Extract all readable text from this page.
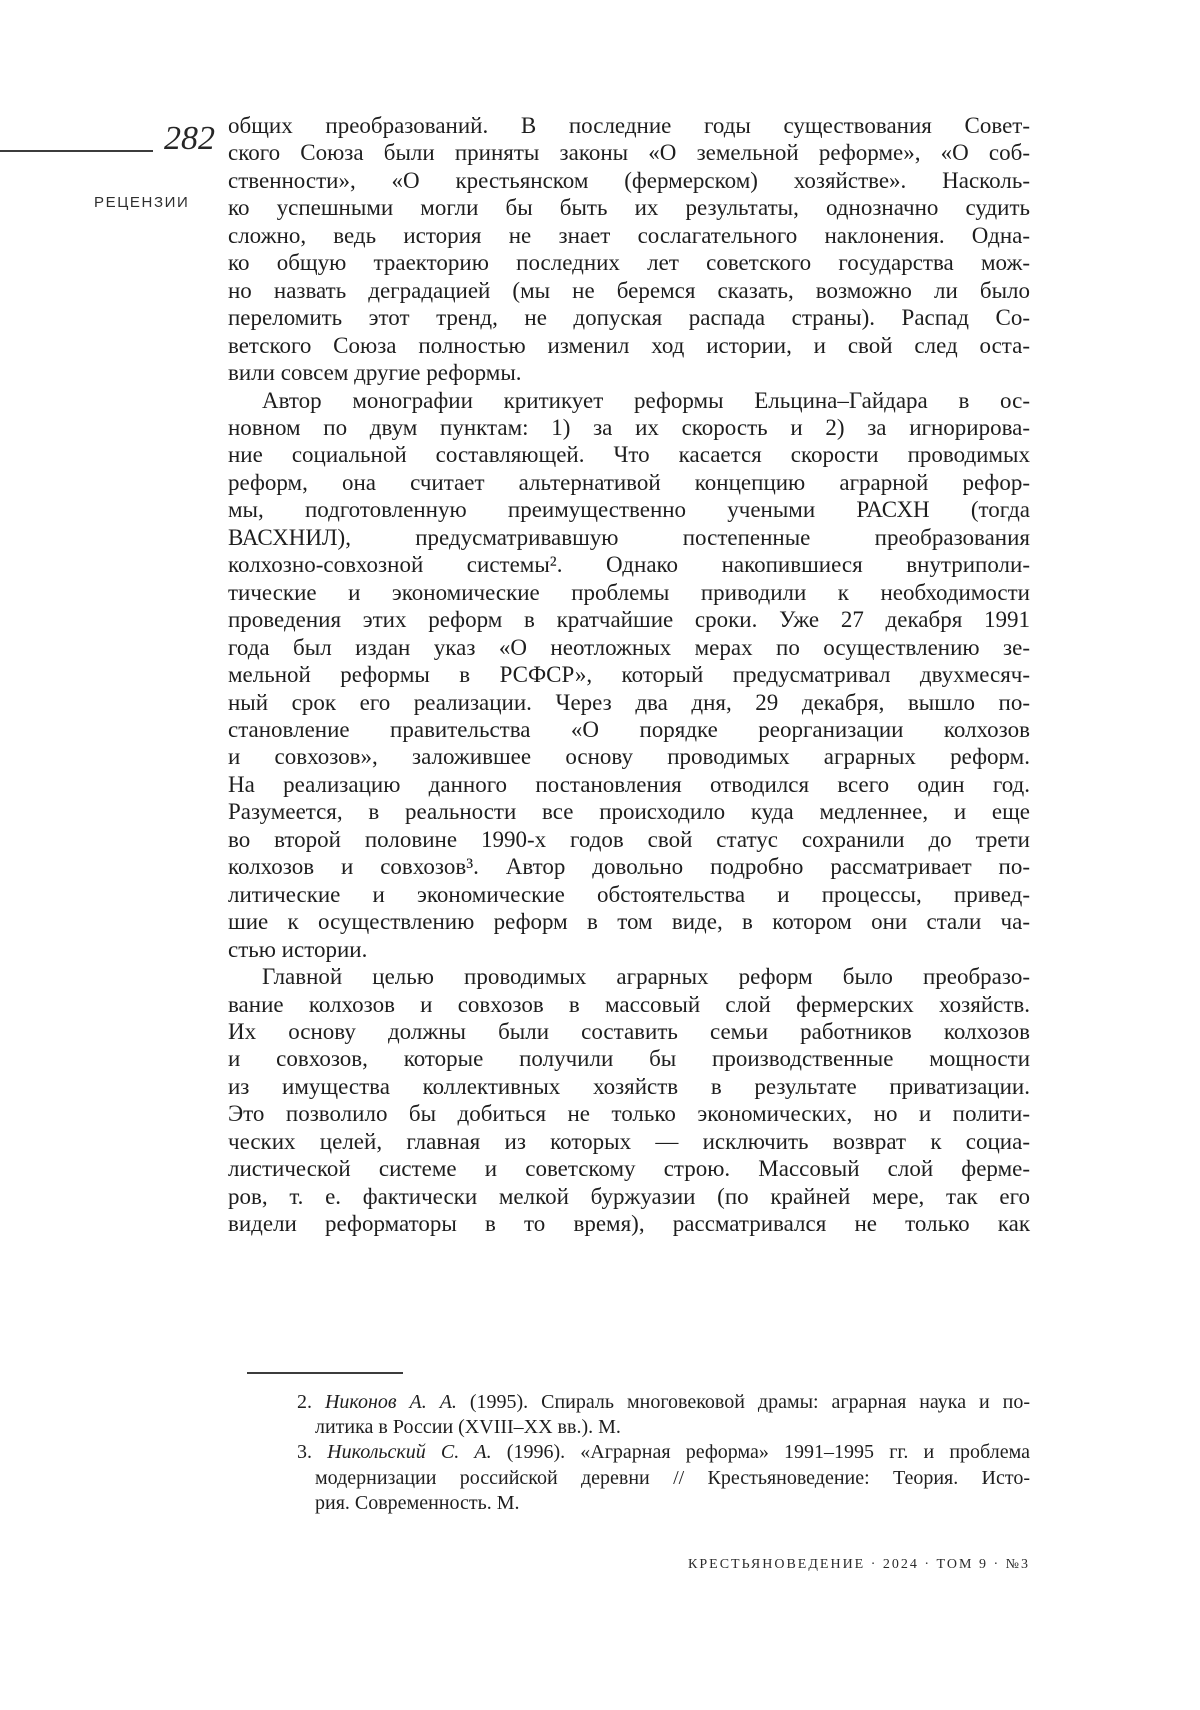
282
РЕЦЕНЗИИ
общих преобразований. В последние годы существования Совет-
ского Союза были приняты законы «О земельной реформе», «О соб-
ственности», «О крестьянском (фермерском) хозяйстве». Насколь-
ко успешными могли бы быть их результаты, однозначно судить
сложно, ведь история не знает сослагательного наклонения. Одна-
ко общую траекторию последних лет советского государства мож-
но назвать деградацией (мы не беремся сказать, возможно ли было
переломить этот тренд, не допуская распада страны). Распад Со-
ветского Союза полностью изменил ход истории, и свой след оста-
вили совсем другие реформы.
Автор монографии критикует реформы Ельцина–Гайдара в ос-
новном по двум пунктам: 1) за их скорость и 2) за игнорирова-
ние социальной составляющей. Что касается скорости проводимых
реформ, она считает альтернативой концепцию аграрной рефор-
мы, подготовленную преимущественно учеными РАСХН (тогда
ВАСХНИЛ), предусматривавшую постепенные преобразования
колхозно-совхозной системы². Однако накопившиеся внутриполи-
тические и экономические проблемы приводили к необходимости
проведения этих реформ в кратчайшие сроки. Уже 27 декабря 1991
года был издан указ «О неотложных мерах по осуществлению зе-
мельной реформы в РСФСР», который предусматривал двухмесяч-
ный срок его реализации. Через два дня, 29 декабря, вышло по-
становление правительства «О порядке реорганизации колхозов
и совхозов», заложившее основу проводимых аграрных реформ.
На реализацию данного постановления отводился всего один год.
Разумеется, в реальности все происходило куда медленнее, и еще
во второй половине 1990-х годов свой статус сохранили до трети
колхозов и совхозов³. Автор довольно подробно рассматривает по-
литические и экономические обстоятельства и процессы, привед-
шие к осуществлению реформ в том виде, в котором они стали ча-
стью истории.
Главной целью проводимых аграрных реформ было преобразо-
вание колхозов и совхозов в массовый слой фермерских хозяйств.
Их основу должны были составить семьи работников колхозов
и совхозов, которые получили бы производственные мощности
из имущества коллективных хозяйств в результате приватизации.
Это позволило бы добиться не только экономических, но и полити-
ческих целей, главная из которых — исключить возврат к социа-
листической системе и советскому строю. Массовый слой ферме-
ров, т. е. фактически мелкой буржуазии (по крайней мере, так его
видели реформаторы в то время), рассматривался не только как
2. Никонов А. А. (1995). Спираль многовековой драмы: аграрная наука и по-
литика в России (XVIII–XX вв.). М.
3. Никольский С. А. (1996). «Аграрная реформа» 1991–1995 гг. и проблема
модернизации российской деревни // Крестьяноведение: Теория. Исто-
рия. Современность. М.
КРЕСТЬЯНОВЕДЕНИЕ · 2024 · ТОМ 9 · №3
